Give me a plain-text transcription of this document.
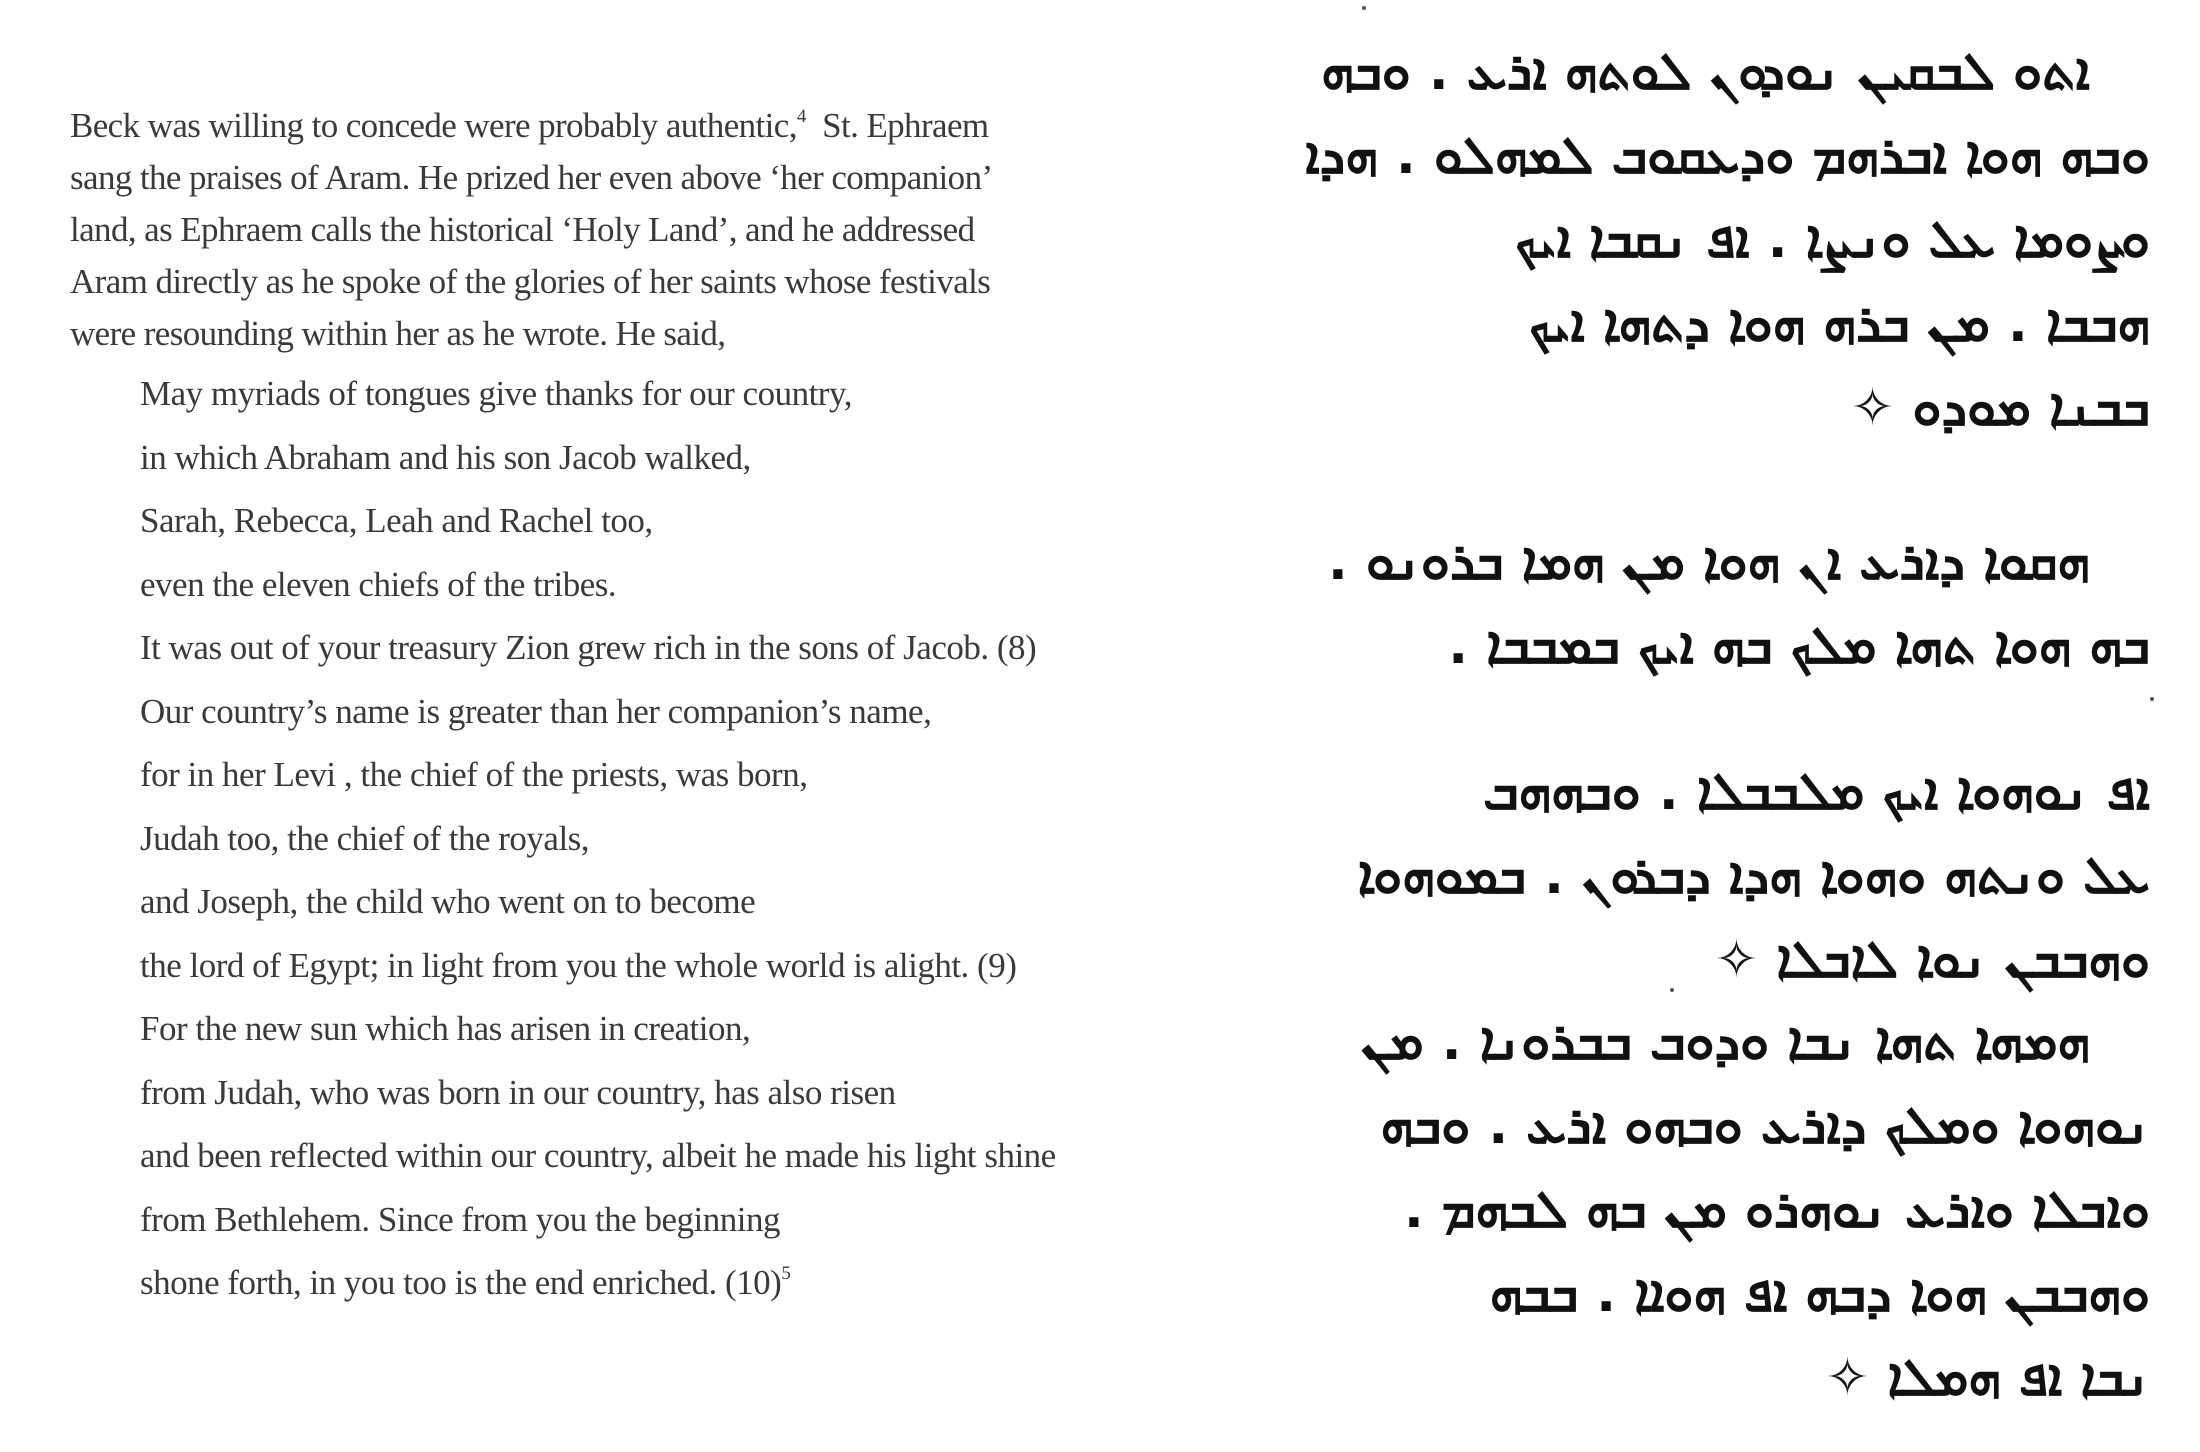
Beck was willing to concede were probably authentic,$^4$  St. Ephraem
sang the praises of Aram. He prized her even above ‘her companion’
land, as Ephraem calls the historical ‘Holy Land’, and he addressed
Aram directly as he spoke of the glories of her saints whose festivals
were resounding within her as he wrote. He said,

May myriads of tongues give thanks for our country,
in which Abraham and his son Jacob walked,
Sarah, Rebecca, Leah and Rachel too,
even the eleven chiefs of the tribes.
It was out of your treasury Zion grew rich in the sons of Jacob. (8)
Our country’s name is greater than her companion’s name,
for in her Levi , the chief of the priests, was born,
Judah too, the chief of the royals,
and Joseph, the child who went on to become
the lord of Egypt; in light from you the whole world is alight. (9)
For the new sun which has arisen in creation,
from Judah, who was born in our country, has also risen
and been reflected within our country, albeit he made his light shine
from Bethlehem. Since from you the beginning
shone forth, in you too is the end enriched. $(10)^5$
ܐܬܘ ܠܒܩܝܢ ܢܘܕܘܢ ܠܘܬܗ ܐܪܥ . ܘܒܗ
ܘܒܗ ܗܘܐ ܐܒܪܗܡ ܘܕܥܩܘܒ ܠܡܗܠܘ . ܗܕܐ
ܘܨܘܡܐ ܥܠ ܘܢܨܐ . ܐܦ ܢܩܒܐ ܐܝܟ
ܗܒܒܐ . ܡܢ ܒܪܗ ܗܘܐ ܕܬܗܐ ܐܝܟ
ܒܒܢܐ ܡܘܕܘ ✧
ܗܩܘܐ ܕܐܪܥ ܐܢ ܗܘܐ ܡܢ ܗܡܐ ܒܪܘܢܘ .
ܒܗ ܗܘܐ ܬܗܐ ܡܠܟ ܒܗ ܐܝܟ ܒܡܒܒܐ .
ܐܦ ܢܘܗܘܐ ܐܝܟ ܡܠܒܒܠܐ . ܘܒܗܗܒ
ܥܠ ܘܢܬܗ ܘܗܘܐ ܗܕܐ ܕܒܪܘܢ . ܒܡܘܗܘܐ
ܘܗܒܒܢ ܢܘܐ ܠܐܒܠܐ ✧
ܗܡܗܐ ܬܗܐ ܢܒܐ ܘܕܘܒ ܒܒܪܘܢܐ . ܡܢ
ܢܘܗܘܐ ܘܡܠܟ ܕܐܪܥ ܘܒܗܘ ܐܪܥ . ܘܒܗ
ܘܐܒܠܐ ܘܐܪܥ ܢܘܗܪܘ ܡܢ ܒܗ ܠܒܗܡ .
ܘܗܒܒܢ ܗܘܐ ܕܒܗ ܐܦ ܗܘܐܐ . ܒܒܗ
ܢܒܐ ܐܦ ܗܡܠܐ ✧
